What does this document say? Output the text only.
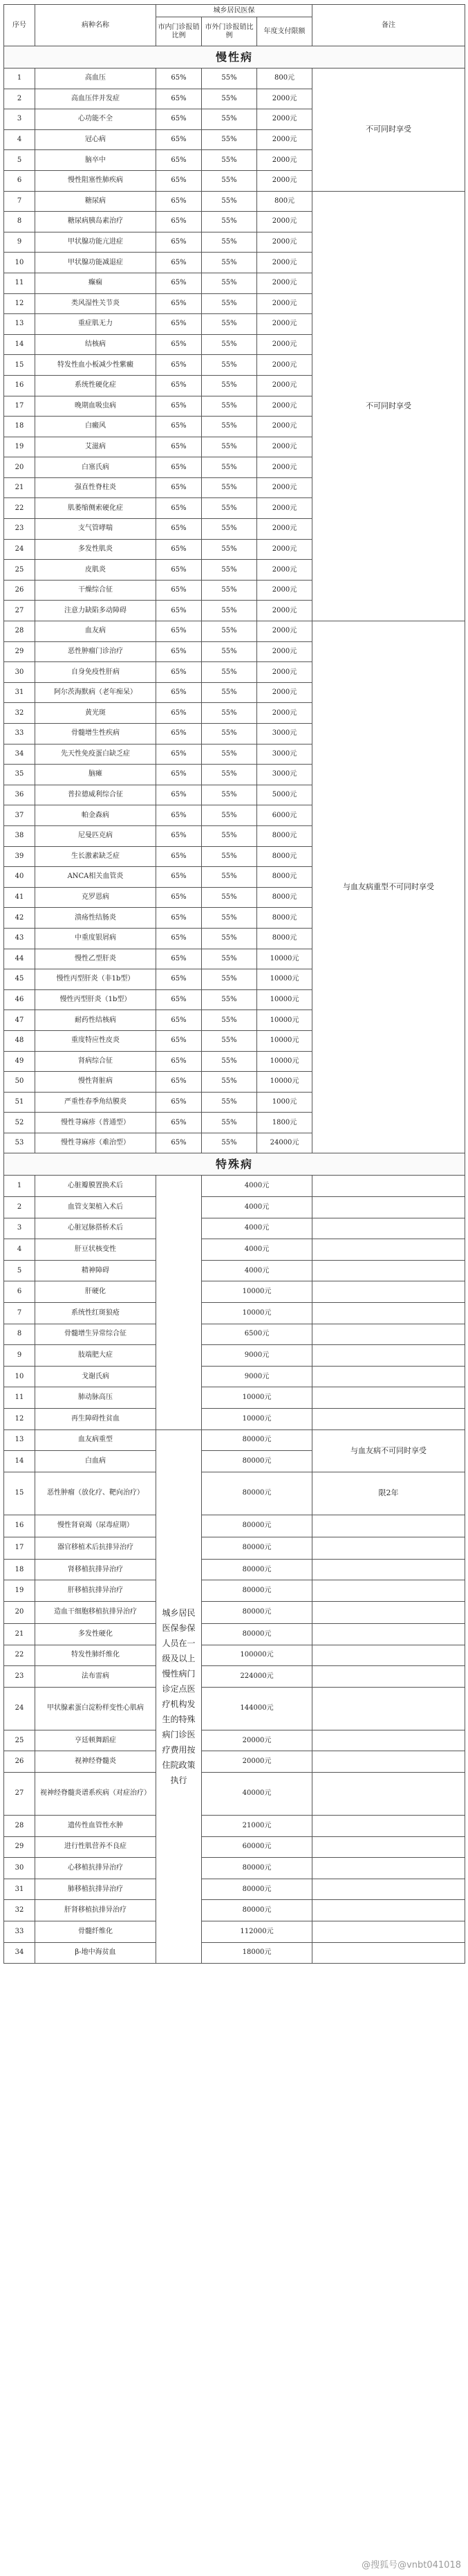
序号	病种名称	城乡居民医保			备注
		市内门诊报销比例	市外门诊报销比例	年度支付限额	
慢性病					
1	高血压	65%	55%	800元	不可同时享受
2	高血压伴并发症	65%	55%	2000元	
3	心功能不全	65%	55%	2000元	
4	冠心病	65%	55%	2000元	
5	脑卒中	65%	55%	2000元	
6	慢性阻塞性肺疾病	65%	55%	2000元	
7	糖尿病	65%	55%	800元	不可同时享受
8	糖尿病胰岛素治疗	65%	55%	2000元	
9	甲状腺功能亢进症	65%	55%	2000元	
10	甲状腺功能减退症	65%	55%	2000元	
11	癫痫	65%	55%	2000元	
12	类风湿性关节炎	65%	55%	2000元	
13	重症肌无力	65%	55%	2000元	
14	结核病	65%	55%	2000元	
15	特发性血小板减少性紫癜	65%	55%	2000元	
16	系统性硬化症	65%	55%	2000元	
17	晚期血吸虫病	65%	55%	2000元	
18	白癜风	65%	55%	2000元	
19	艾滋病	65%	55%	2000元	
20	白塞氏病	65%	55%	2000元	
21	强直性脊柱炎	65%	55%	2000元	
22	肌萎缩侧索硬化症	65%	55%	2000元	
23	支气管哮喘	65%	55%	2000元	
24	多发性肌炎	65%	55%	2000元	
25	皮肌炎	65%	55%	2000元	
26	干燥综合征	65%	55%	2000元	
27	注意力缺陷多动障碍	65%	55%	2000元	
28	血友病	65%	55%	2000元	与血友病重型不可同时享受
29	恶性肿瘤门诊治疗	65%	55%	2000元	
30	自身免疫性肝病	65%	55%	2000元	
31	阿尔茨海默病（老年痴呆）	65%	55%	2000元	
32	黄光斑	65%	55%	2000元	
33	骨髓增生性疾病	65%	55%	3000元	
34	先天性免疫蛋白缺乏症	65%	55%	3000元	
35	脑瘫	65%	55%	3000元	
36	普拉德威利综合征	65%	55%	5000元	
37	帕金森病	65%	55%	6000元	
38	尼曼匹克病	65%	55%	8000元	
39	生长激素缺乏症	65%	55%	8000元	
40	ANCA相关血管炎	65%	55%	8000元	
41	克罗恩病	65%	55%	8000元	
42	溃疡性结肠炎	65%	55%	8000元	
43	中重度银屑病	65%	55%	8000元	
44	慢性乙型肝炎	65%	55%	10000元	
45	慢性丙型肝炎（非1b型）	65%	55%	10000元	
46	慢性丙型肝炎（1b型）	65%	55%	10000元	
47	耐药性结核病	65%	55%	10000元	
48	重度特应性皮炎	65%	55%	10000元	
49	肾病综合征	65%	55%	10000元	
50	慢性肾脏病	65%	55%	10000元	
51	严重性春季角结膜炎	65%	55%	1000元	
52	慢性荨麻疹（普通型）	65%	55%	1800元	
53	慢性荨麻疹（难治型）	65%	55%	24000元	
特殊病					
1	心脏瓣膜置换术后		4000元		
2	血管支架植入术后		4000元		
3	心脏冠脉搭桥术后		4000元		
4	肝豆状核变性		4000元		
5	精神障碍		4000元		
6	肝硬化		10000元		
7	系统性红斑狼疮		10000元		
8	骨髓增生异常综合征		6500元		
9	肢端肥大症		9000元		
10	戈谢氏病		9000元		
11	肺动脉高压		10000元		
12	再生障碍性贫血		10000元		
13	血友病重型	城乡居民医保参保人员在一级及以上慢性病门诊定点医疗机构发生的特殊病门诊医疗费用按住院政策执行	80000元		与血友病不可同时享受
14	白血病		80000元		
15	恶性肿瘤（放化疗、靶向治疗）		80000元		限2年
16	慢性肾衰竭（尿毒症期）		80000元		
17	器官移植术后抗排异治疗		80000元		
18	肾移植抗排异治疗		80000元		
19	肝移植抗排异治疗		80000元		
20	造血干细胞移植抗排异治疗		80000元		
21	多发性硬化		80000元		
22	特发性肺纤维化		100000元		
23	法布雷病		224000元		
24	甲状腺素蛋白淀粉样变性心肌病		144000元		
25	亨廷顿舞蹈症		20000元		
26	视神经脊髓炎		20000元		
27	视神经脊髓炎谱系疾病（对症治疗）		40000元		
28	遗传性血管性水肿		21000元		
29	进行性肌营养不良症		60000元		
30	心移植抗排异治疗		80000元		
31	肺移植抗排异治疗		80000元		
32	肝肾移植抗排异治疗		80000元		
33	骨髓纤维化		112000元		
34	β-地中海贫血		18000元		
@搜狐号@vnbt041018
